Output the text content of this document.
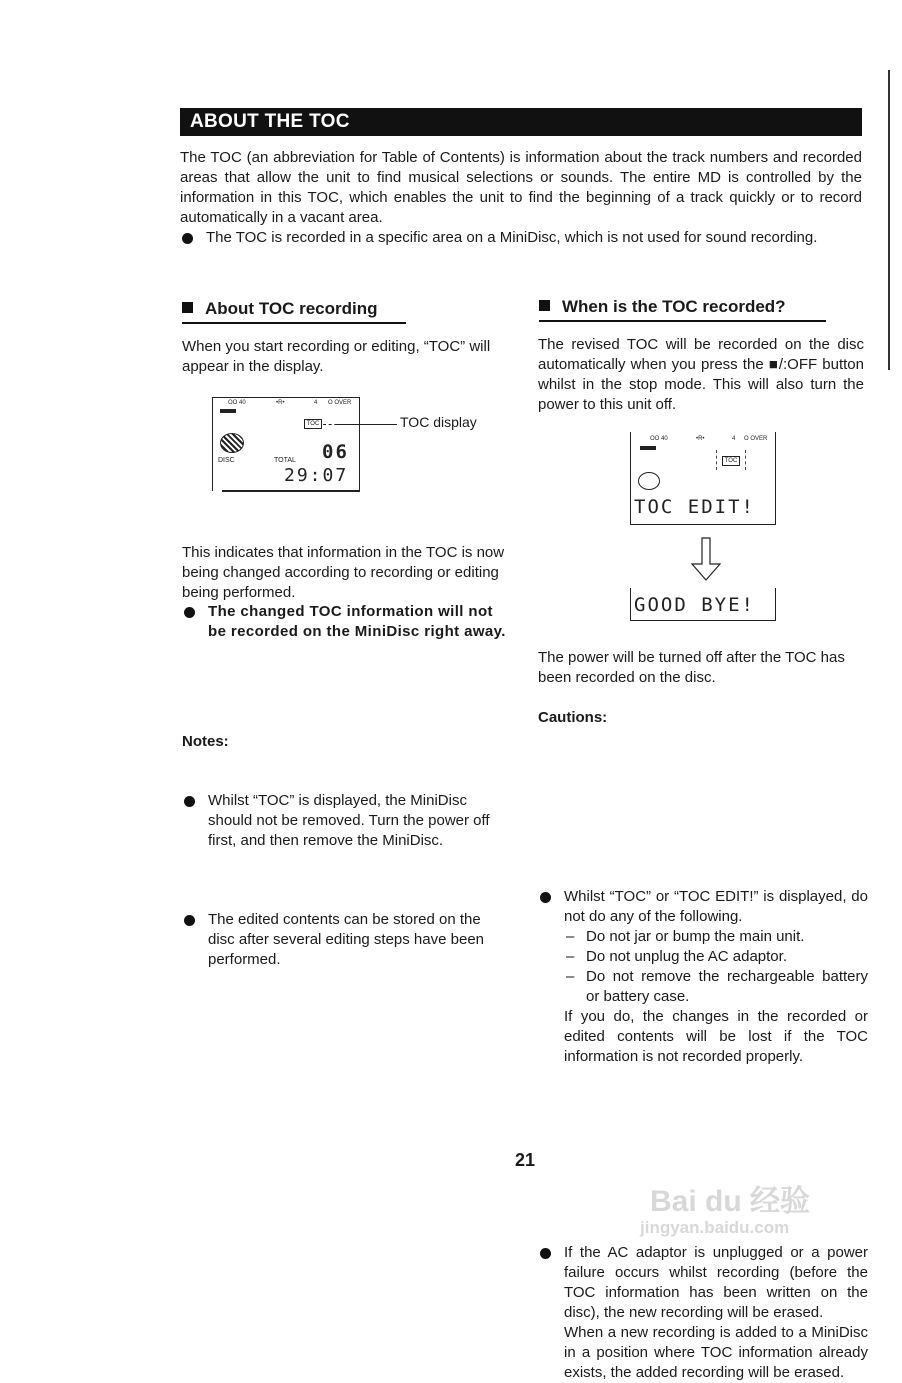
ABOUT THE TOC
The TOC (an abbreviation for Table of Contents) is information about the track numbers and recorded areas that allow the unit to find musical selections or sounds. The entire MD is controlled by the information in this TOC, which enables the unit to find the beginning of a track quickly or to record automatically in a vacant area.
The TOC is recorded in a specific area on a MiniDisc, which is not used for sound recording.
About TOC recording
When you start recording or editing, “TOC” will appear in the display.
OO 40	•R•	4 O OVER
TOC
DISC	TOTAL 06
29:07
TOC display
This indicates that information in the TOC is now being changed according to recording or editing being performed.
The changed TOC information will not be recorded on the MiniDisc right away.
Notes:
Whilst “TOC” is displayed, the MiniDisc should not be removed. Turn the power off first, and then remove the MiniDisc.
The edited contents can be stored on the disc after several editing steps have been performed.
When is the TOC recorded?
The revised TOC will be recorded on the disc automatically when you press the ■/:OFF button whilst in the stop mode. This will also turn the power to this unit off.
OO 40	•R•	4 O OVER
TOC
TOC EDIT!
GOOD BYE!
The power will be turned off after the TOC has been recorded on the disc.
Cautions:
Whilst “TOC” or “TOC EDIT!” is displayed, do not do any of the following.
– Do not jar or bump the main unit.
– Do not unplug the AC adaptor.
– Do not remove the rechargeable battery or battery case.
If you do, the changes in the recorded or edited contents will be lost if the TOC information is not recorded properly.
If the AC adaptor is unplugged or a power failure occurs whilst recording (before the TOC information has been written on the disc), the new recording will be erased.
When a new recording is added to a MiniDisc in a position where TOC information already exists, the added recording will be erased.
21
Bai du 经验
jingyan.baidu.com
